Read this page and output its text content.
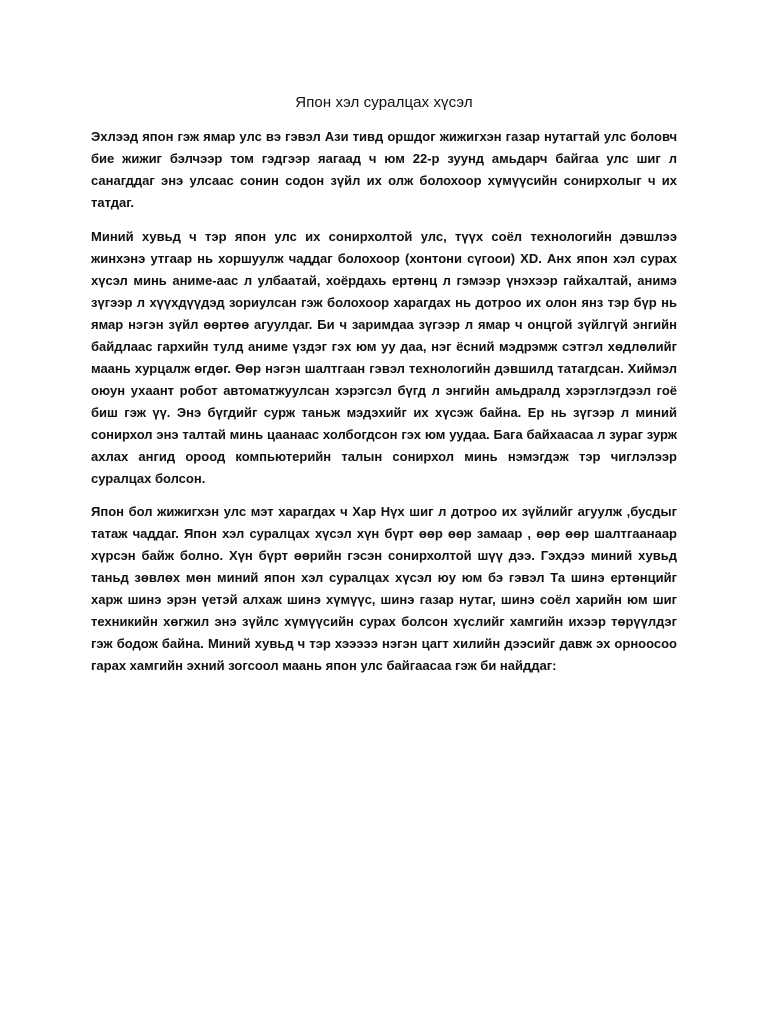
Япон хэл суралцах хүсэл

Эхлээд япон гэж ямар улс вэ гэвэл Ази тивд оршдог жижигхэн газар нутагтай улс боловч бие жижиг бэлчээр том гэдгээр яагаад ч юм 22-р зуунд амьдарч байгаа улс шиг л санагддаг энэ улсаас сонин содон зүйл их олж болохоор хүмүүсийн сонирхолыг ч их татдаг.

Миний хувьд ч тэр япон улс их сонирхолтой улс, түүх соёл технологийн дэвшлээ жинхэнэ утгаар нь хоршуулж чаддаг болохоор (хонтони сүгоои) XD. Анх япон хэл сурах хүсэл минь аниме-аас л улбаатай, хоёрдахь ертөнц л гэмээр үнэхээр гайхалтай, анимэ зүгээр л хүүхдүүдэд зориулсан гэж болохоор харагдах нь дотроо их олон янз тэр бүр нь ямар нэгэн зүйл өөртөө агуулдаг. Би ч заримдаа зүгээр л ямар ч онцгой зүйлгүй энгийн байдлаас гархийн тулд аниме үздэг гэх юм уу даа, нэг ёсний мэдрэмж сэтгэл хөдлөлийг маань хурцалж өгдөг. Өөр нэгэн шалтгаан гэвэл технологийн дэвшилд татагдсан. Хиймэл оюун ухаант робот автоматжуулсан хэрэгсэл бүгд л энгийн амьдралд хэрэглэгдээл гоё биш гэж үү. Энэ бүгдийг сурж таньж мэдэхийг их хүсэж байна. Ер нь зүгээр л миний сонирхол энэ талтай минь цаанаас холбогдсон гэх юм уудаа. Бага байхаасаа л зураг зурж ахлах ангид ороод компьютерийн талын сонирхол минь нэмэгдэж тэр чиглэлээр суралцах болсон.

Япон бол жижигхэн улс мэт харагдах ч Хар Нүх шиг л дотроо их зүйлийг агуулж ,бусдыг татаж чаддаг. Япон хэл суралцах хүсэл хүн бүрт өөр өөр замаар , өөр өөр шалтгаанаар хүрсэн байж болно. Хүн бүрт өөрийн гэсэн сонирхолтой шүү дээ. Гэхдээ миний хувьд таньд зөвлөх мөн миний япон хэл суралцах хүсэл юу юм бэ гэвэл Та шинэ ертөнцийг харж шинэ эрэн үетэй алхаж шинэ хүмүүс, шинэ газар нутаг, шинэ соёл харийн юм шиг техникийн хөгжил энэ зүйлс хүмүүсийн сурах болсон хүслийг хамгийн ихээр төрүүлдэг гэж бодож байна. Миний хувьд ч тэр хэээээ нэгэн цагт хилийн дээсийг давж эх орноосоо гарах хамгийн эхний зогсоол маань япон улс байгаасаа гэж би найддаг:
